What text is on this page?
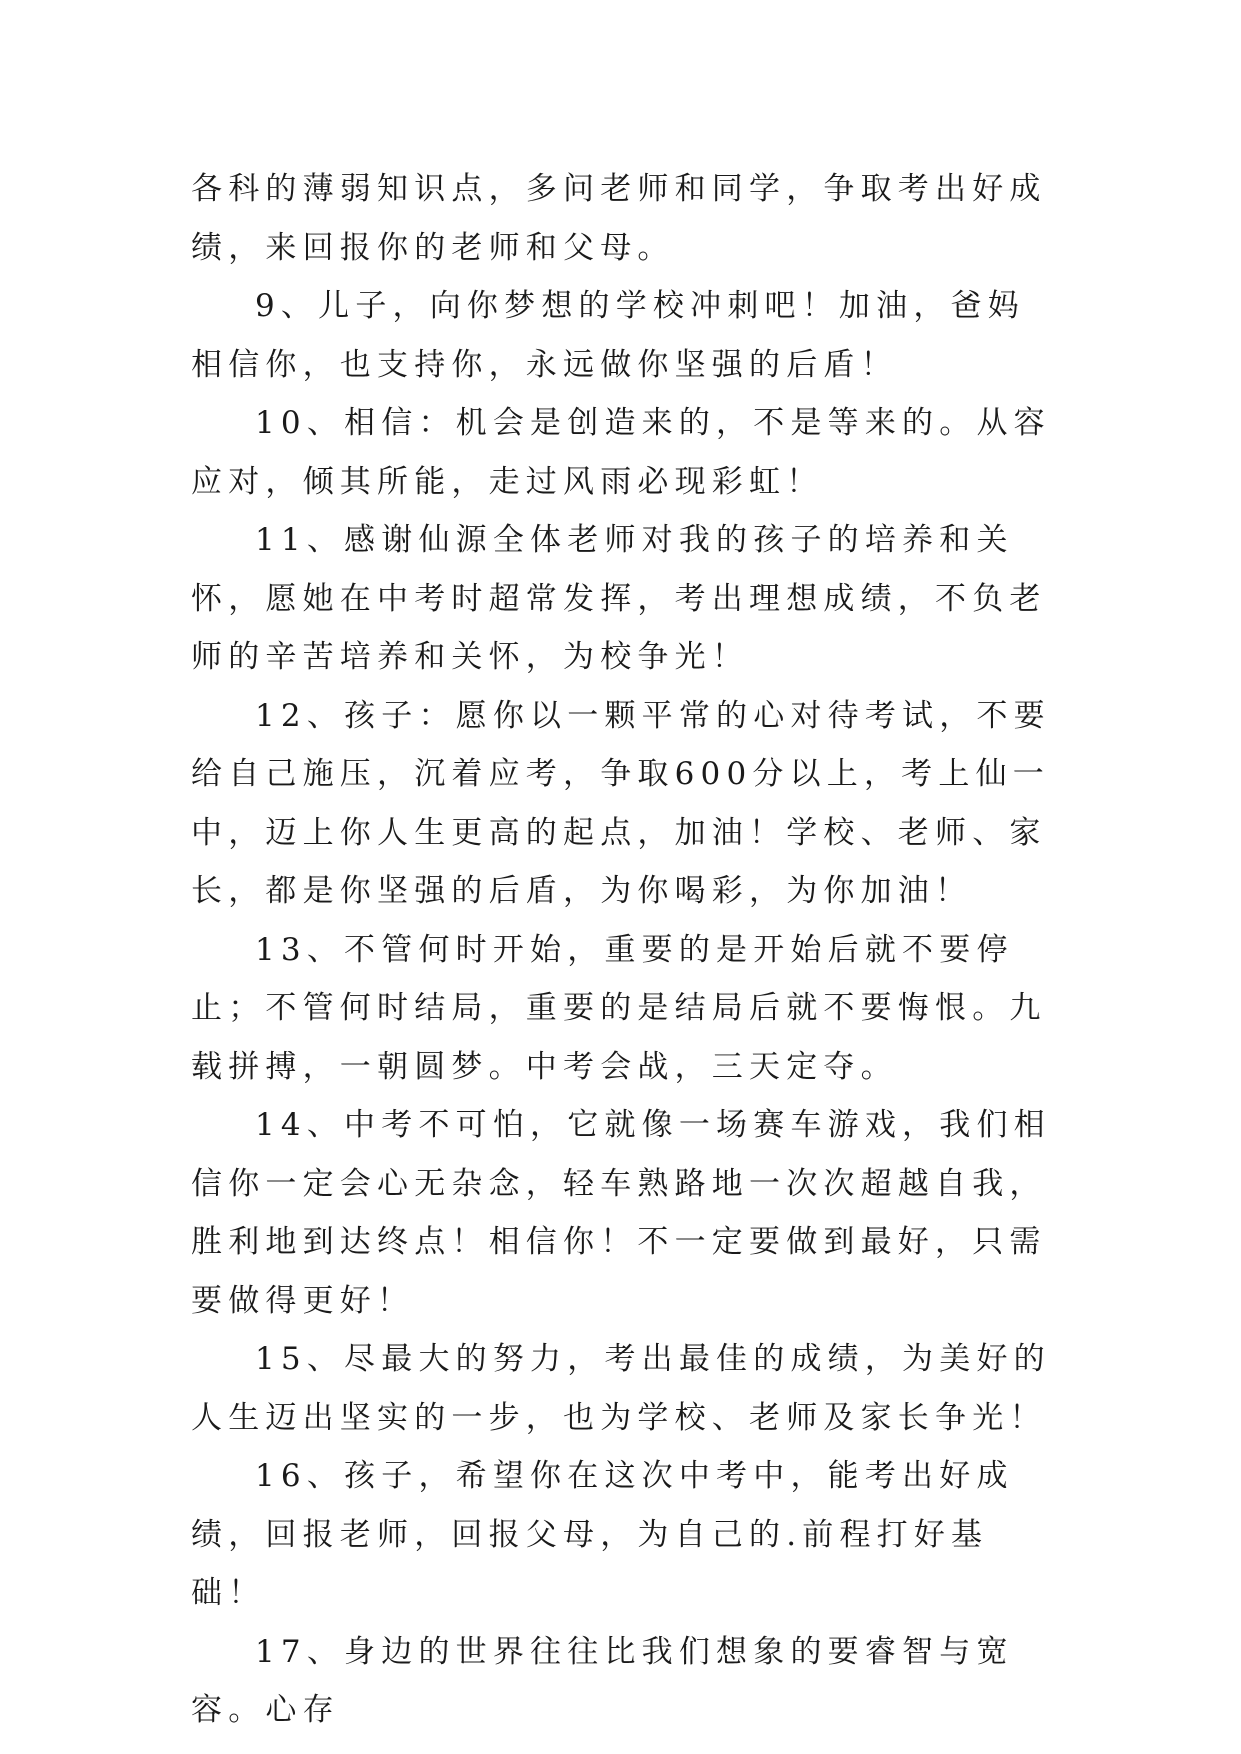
各科的薄弱知识点，多问老师和同学，争取考出好成绩，来回报你的老师和父母。

9、儿子，向你梦想的学校冲刺吧！加油，爸妈相信你，也支持你，永远做你坚强的后盾！

10、相信：机会是创造来的，不是等来的。从容应对，倾其所能，走过风雨必现彩虹！

11、感谢仙源全体老师对我的孩子的培养和关怀，愿她在中考时超常发挥，考出理想成绩，不负老师的辛苦培养和关怀，为校争光！

12、孩子：愿你以一颗平常的心对待考试，不要给自己施压，沉着应考，争取600分以上，考上仙一中，迈上你人生更高的起点，加油！学校、老师、家长，都是你坚强的后盾，为你喝彩，为你加油！

13、不管何时开始，重要的是开始后就不要停止；不管何时结局，重要的是结局后就不要悔恨。九载拼搏，一朝圆梦。中考会战，三天定夺。

14、中考不可怕，它就像一场赛车游戏，我们相信你一定会心无杂念，轻车熟路地一次次超越自我，胜利地到达终点！相信你！不一定要做到最好，只需要做得更好！

15、尽最大的努力，考出最佳的成绩，为美好的人生迈出坚实的一步，也为学校、老师及家长争光！

16、孩子，希望你在这次中考中，能考出好成绩，回报老师，回报父母，为自己的.前程打好基础！

17、身边的世界往往比我们想象的要睿智与宽容。心存
